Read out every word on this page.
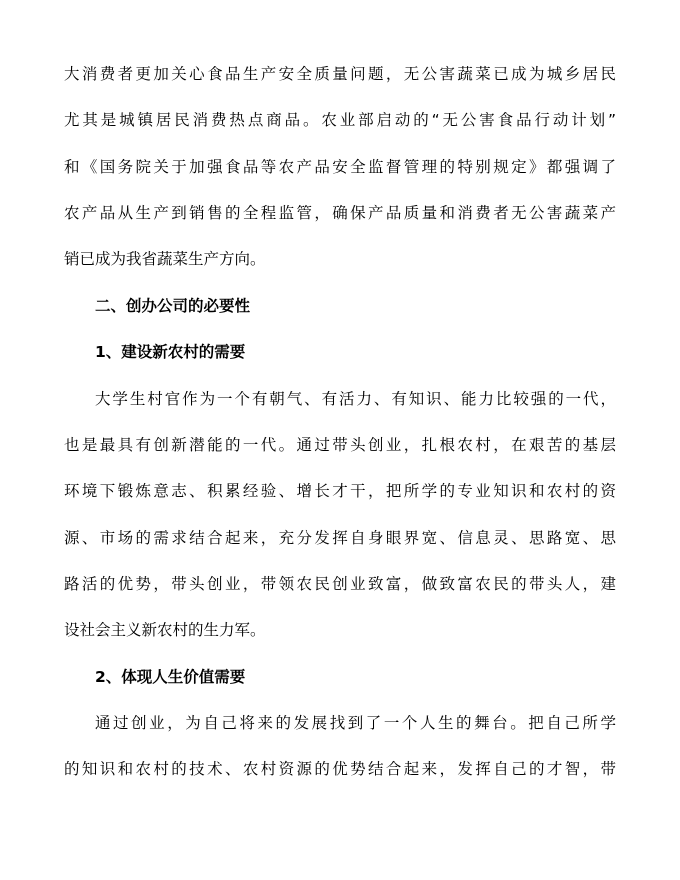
大消费者更加关心食品生产安全质量问题，无公害蔬菜已成为城乡居民
尤其是城镇居民消费热点商品。农业部启动的“无公害食品行动计划”
和《国务院关于加强食品等农产品安全监督管理的特别规定》都强调了
农产品从生产到销售的全程监管，确保产品质量和消费者无公害蔬菜产
销已成为我省蔬菜生产方向。
二、创办公司的必要性
1、建设新农村的需要
大学生村官作为一个有朝气、有活力、有知识、能力比较强的一代，
也是最具有创新潜能的一代。通过带头创业，扎根农村，在艰苦的基层
环境下锻炼意志、积累经验、增长才干，把所学的专业知识和农村的资
源、市场的需求结合起来，充分发挥自身眼界宽、信息灵、思路宽、思
路活的优势，带头创业，带领农民创业致富，做致富农民的带头人，建
设社会主义新农村的生力军。
2、体现人生价值需要
通过创业，为自己将来的发展找到了一个人生的舞台。把自己所学
的知识和农村的技术、农村资源的优势结合起来，发挥自己的才智，带
